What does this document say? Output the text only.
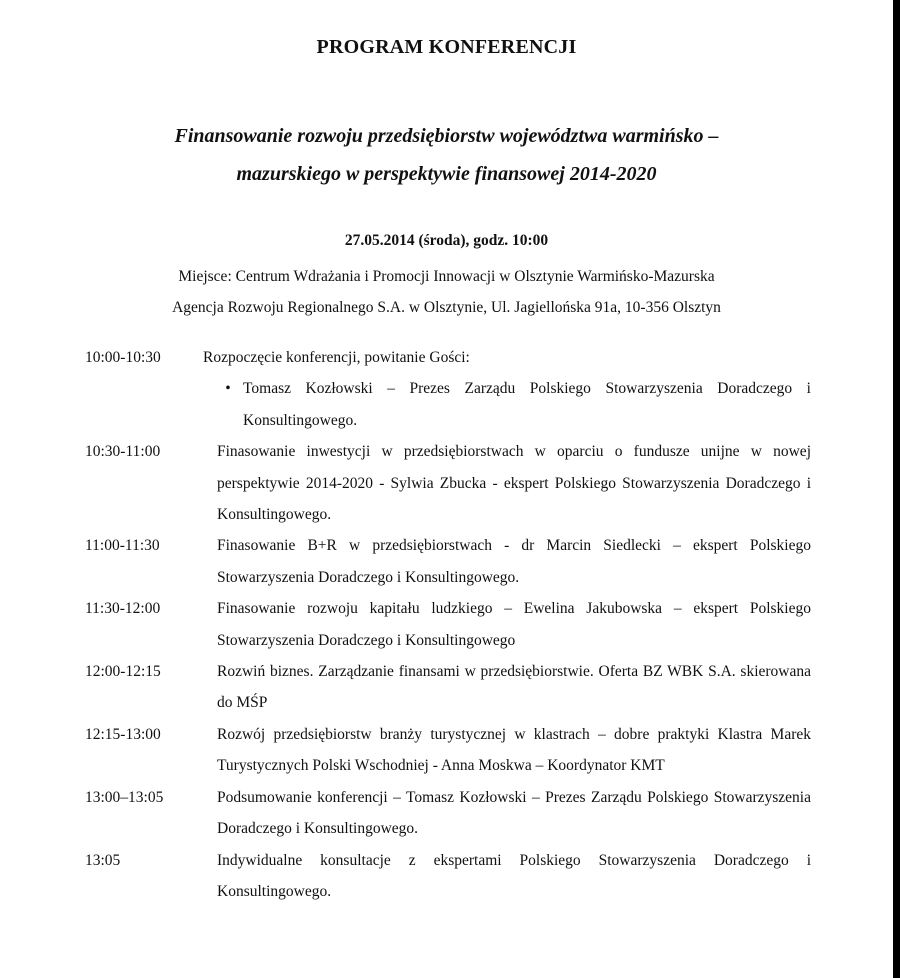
PROGRAM KONFERENCJI
Finansowanie rozwoju przedsiębiorstw województwa warmińsko –
mazurskiego w perspektywie finansowej 2014-2020
27.05.2014 (środa), godz. 10:00
Miejsce: Centrum Wdrażania i Promocji Innowacji w Olsztynie Warmińsko-Mazurska
Agencja Rozwoju Regionalnego S.A. w Olsztynie, Ul. Jagiellońska 91a, 10-356 Olsztyn
10:00-10:30	Rozpoczęcie konferencji, powitanie Gości:
• Tomasz Kozłowski – Prezes Zarządu Polskiego Stowarzyszenia Doradczego i Konsultingowego.
10:30-11:00	Finasowanie inwestycji w przedsiębiorstwach w oparciu o fundusze unijne w nowej perspektywie 2014-2020 - Sylwia Zbucka - ekspert Polskiego Stowarzyszenia Doradczego i Konsultingowego.
11:00-11:30	Finasowanie B+R w przedsiębiorstwach - dr Marcin Siedlecki – ekspert Polskiego Stowarzyszenia Doradczego i Konsultingowego.
11:30-12:00	Finasowanie rozwoju kapitału ludzkiego – Ewelina Jakubowska – ekspert Polskiego Stowarzyszenia Doradczego i Konsultingowego
12:00-12:15	Rozwiń biznes. Zarządzanie finansami w przedsiębiorstwie. Oferta BZ WBK S.A. skierowana do MŚP
12:15-13:00	Rozwój przedsiębiorstw branży turystycznej w klastrach – dobre praktyki Klastra Marek Turystycznych Polski Wschodniej - Anna Moskwa – Koordynator KMT
13:00–13:05	Podsumowanie konferencji – Tomasz Kozłowski – Prezes Zarządu Polskiego Stowarzyszenia Doradczego i Konsultingowego.
13:05	Indywidualne konsultacje z ekspertami Polskiego Stowarzyszenia Doradczego i Konsultingowego.
